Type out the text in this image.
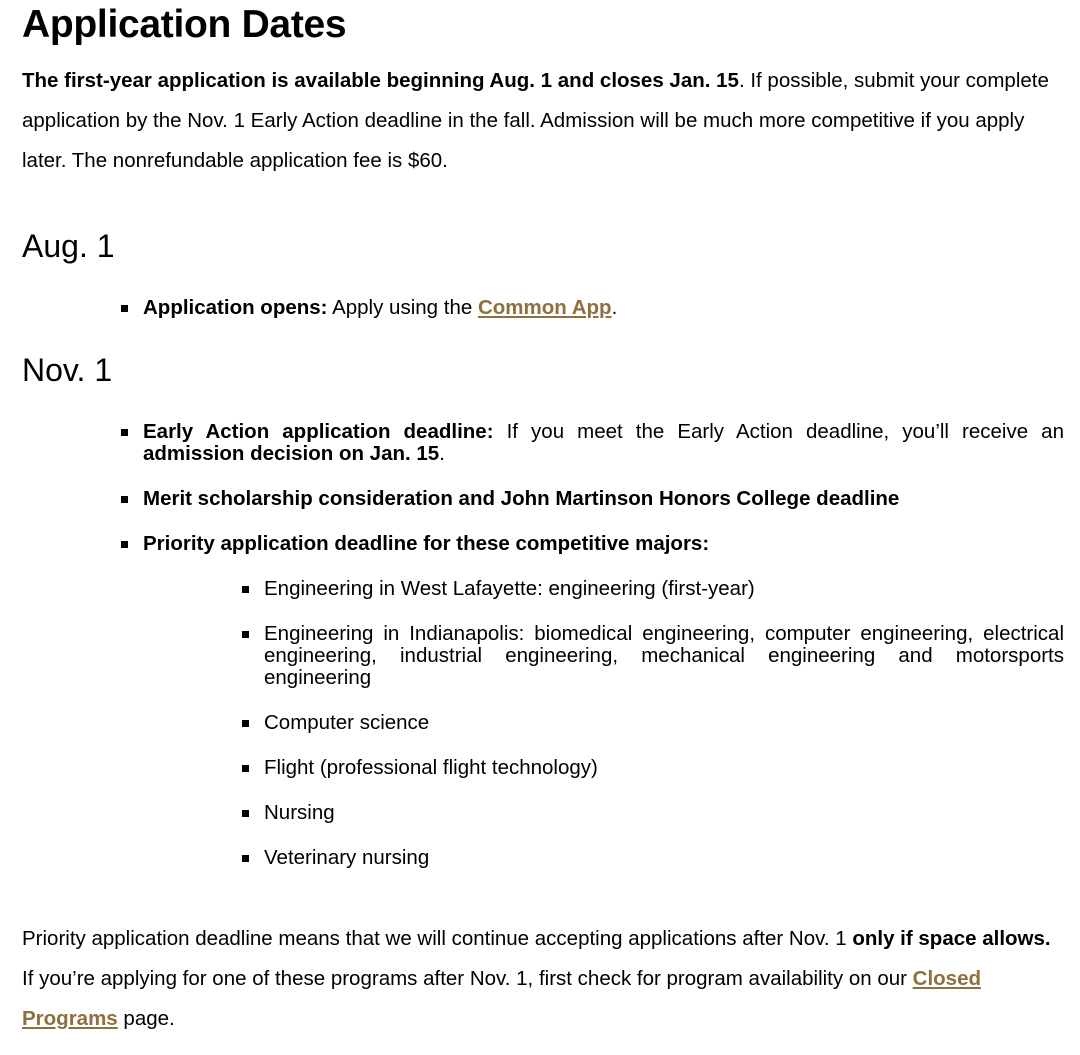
Application Dates

The first-year application is available beginning Aug. 1 and closes Jan. 15. If possible, submit your complete application by the Nov. 1 Early Action deadline in the fall. Admission will be much more competitive if you apply later. The nonrefundable application fee is $60.

Aug. 1
Application opens: Apply using the Common App.
Nov. 1
Early Action application deadline: If you meet the Early Action deadline, you’ll receive an admission decision on Jan. 15.
Merit scholarship consideration and John Martinson Honors College deadline
Priority application deadline for these competitive majors:
Engineering in West Lafayette: engineering (first-year)
Engineering in Indianapolis: biomedical engineering, computer engineering, electrical engineering, industrial engineering, mechanical engineering and motorsports engineering
Computer science
Flight (professional flight technology)
Nursing
Veterinary nursing

Priority application deadline means that we will continue accepting applications after Nov. 1 only if space allows. If you’re applying for one of these programs after Nov. 1, first check for program availability on our Closed Programs page.
